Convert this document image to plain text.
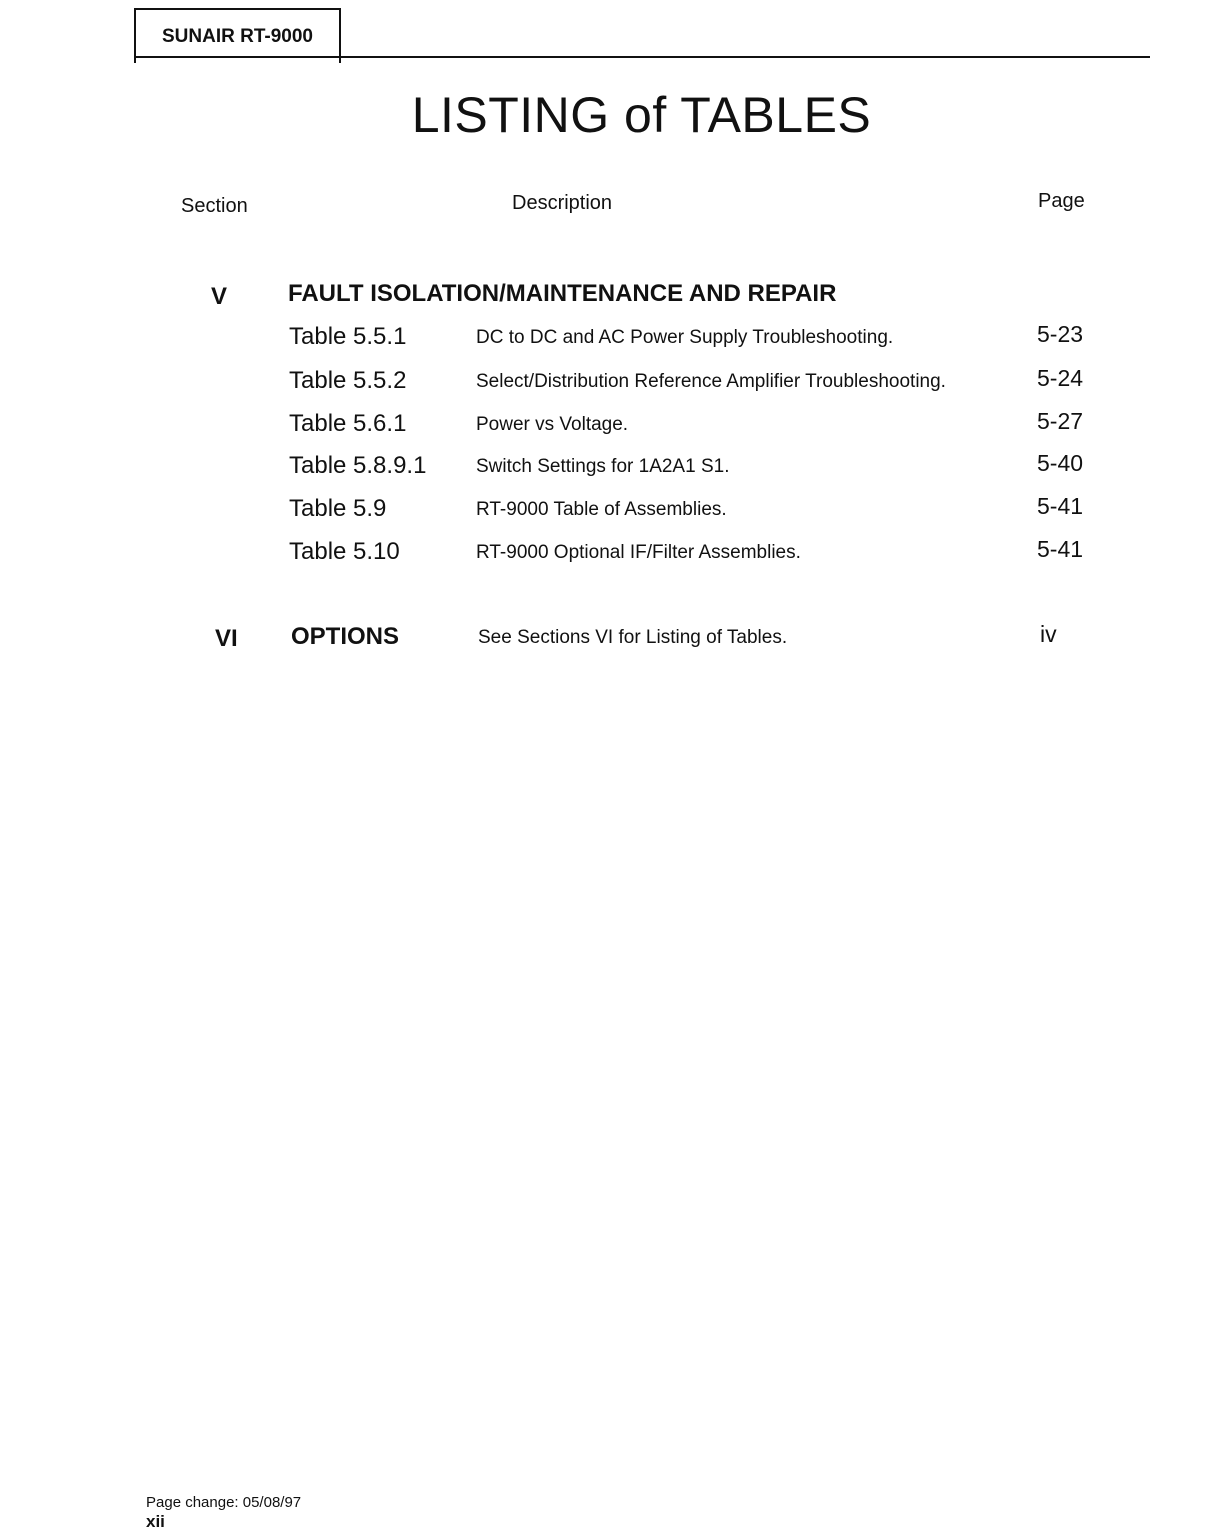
SUNAIR RT-9000
LISTING of TABLES
Section	Description	Page
V	FAULT ISOLATION/MAINTENANCE AND REPAIR
Table 5.5.1	DC to DC and AC Power Supply Troubleshooting.	5-23
Table 5.5.2	Select/Distribution Reference Amplifier Troubleshooting.	5-24
Table 5.6.1	Power vs Voltage.	5-27
Table 5.8.9.1	Switch Settings for 1A2A1 S1.	5-40
Table 5.9	RT-9000 Table of Assemblies.	5-41
Table 5.10	RT-9000 Optional IF/Filter Assemblies.	5-41
VI OPTIONS	See Sections VI for Listing of Tables.	iv
Page change: 05/08/97
xii
